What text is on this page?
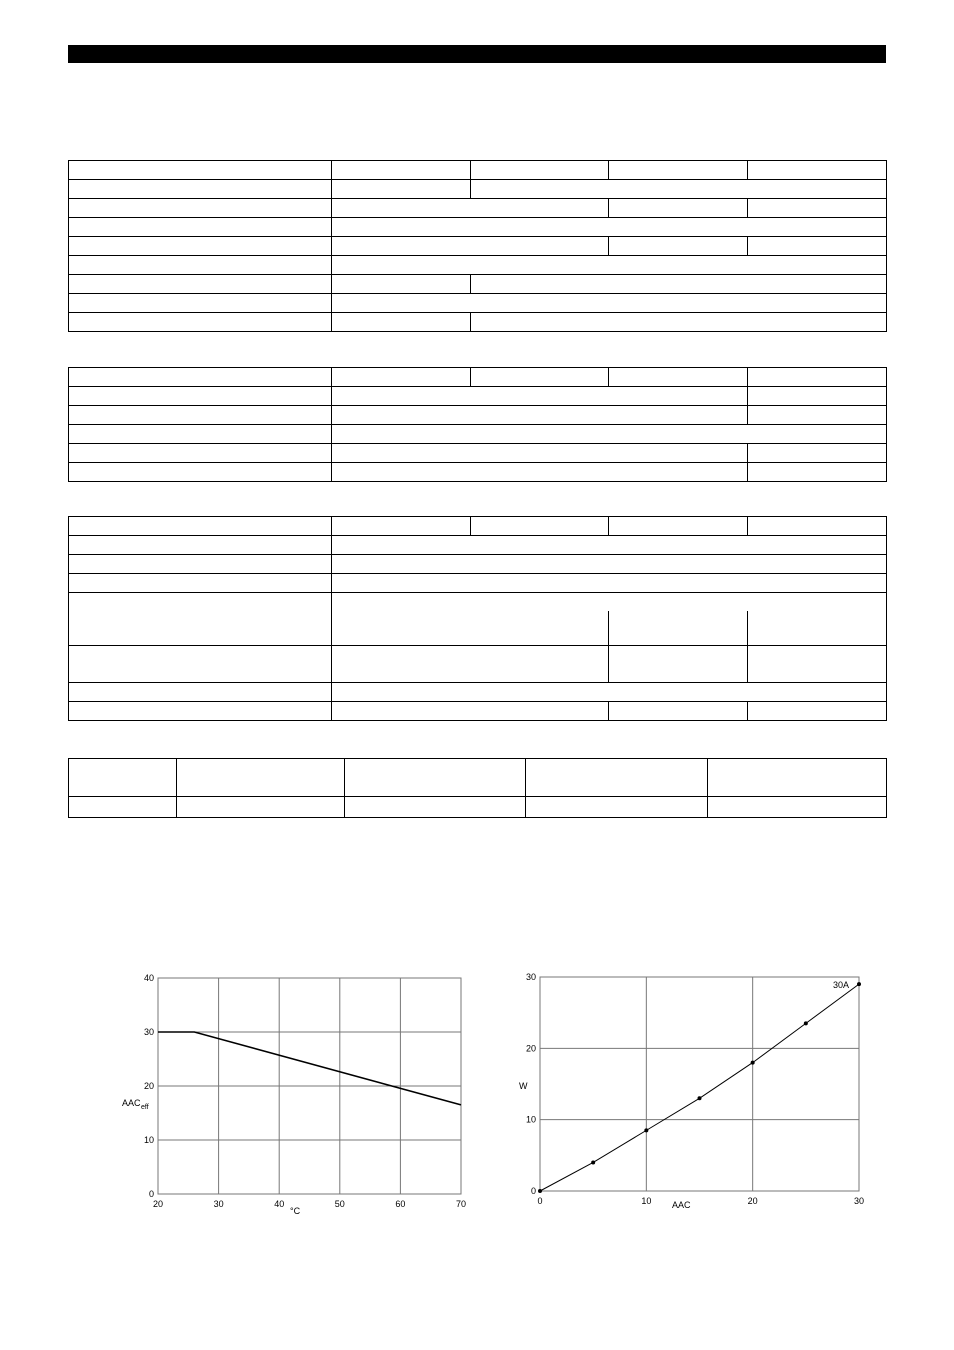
AAC eff
°C
20	30	40	50	60	70
0
10
20
30
40
W
AAC
30A
0	10	20	30
0
10
20
30
